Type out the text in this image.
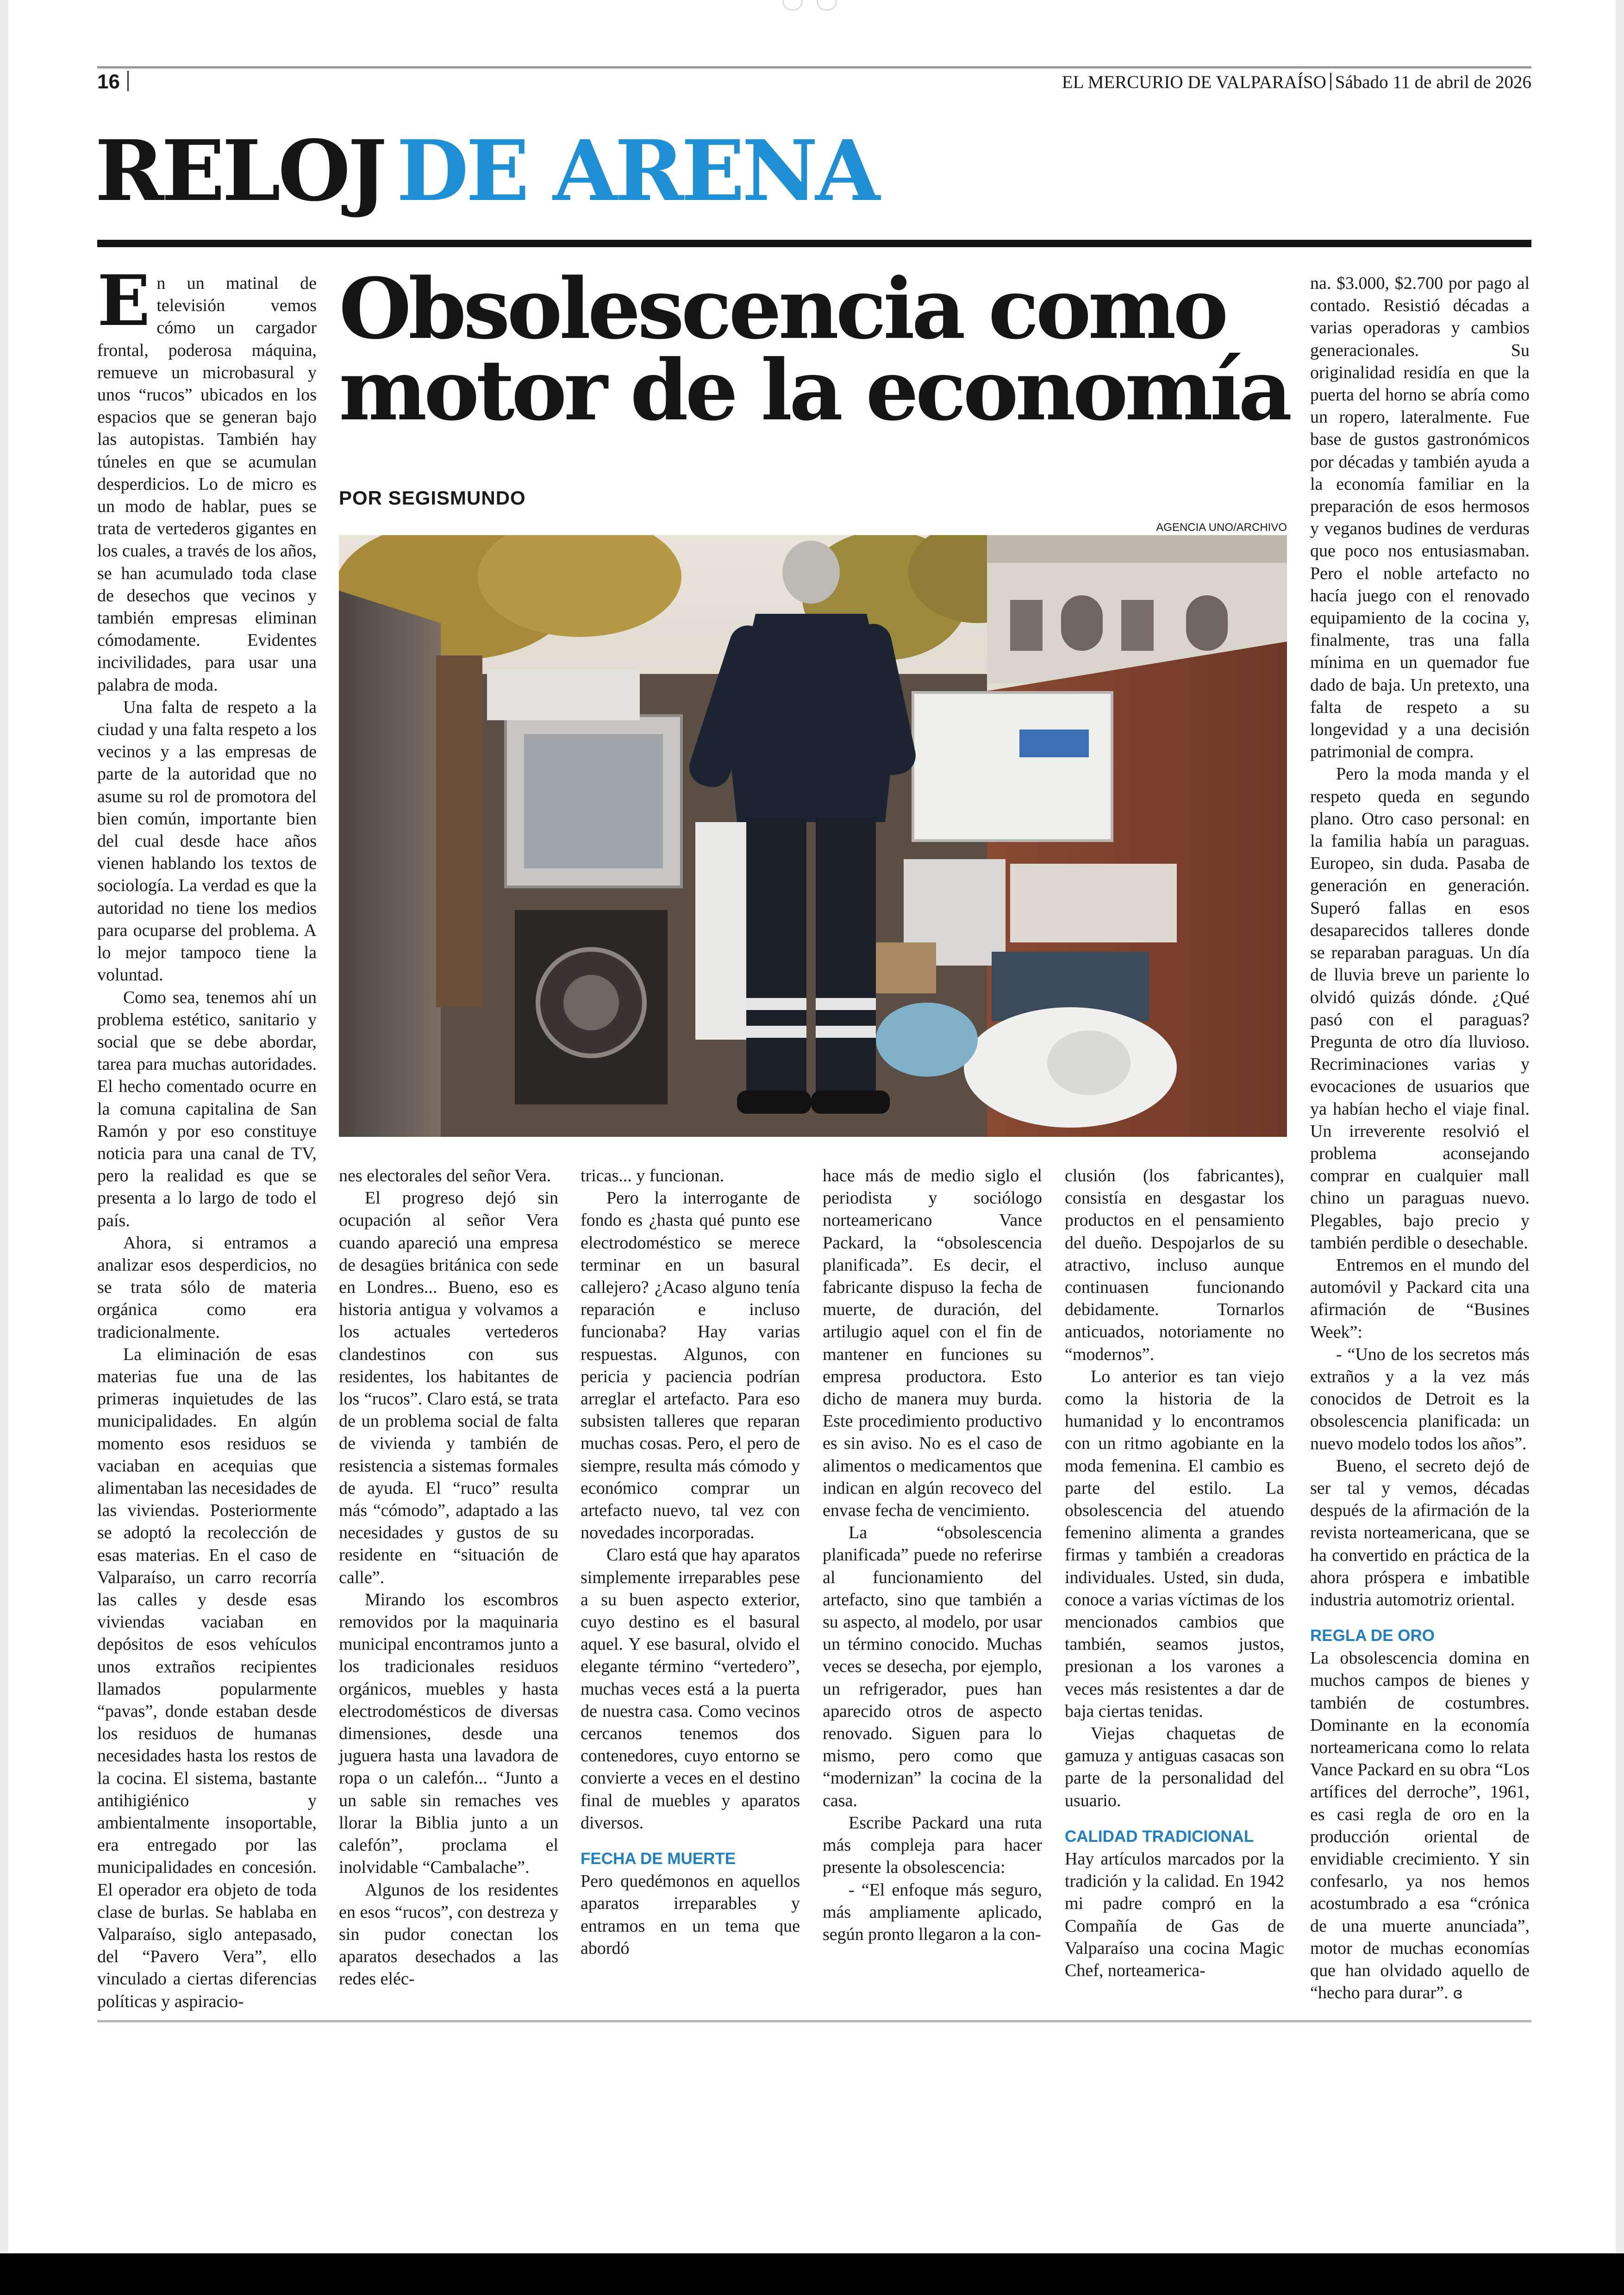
16	EL MERCURIO DE VALPARAÍSO Sábado 11 de abril de 2026
RELOJ DE ARENA
Obsolescencia como motor de la economía
POR SEGISMUNDO
AGENCIA UNO/ARCHIVO

En un matinal de televisión vemos cómo un cargador frontal, poderosa máquina, remueve un microbasural y unos “rucos” ubicados en los espacios que se generan bajo las autopistas. También hay túneles en que se acumulan desperdicios. Lo de micro es un modo de hablar, pues se trata de vertederos gigantes en los cuales, a través de los años, se han acumulado toda clase de desechos que vecinos y también empresas eliminan cómodamente. Evidentes incivilidades, para usar una palabra de moda.

Una falta de respeto a la ciudad y una falta respeto a los vecinos y a las empresas de parte de la autoridad que no asume su rol de promotora del bien común, importante bien del cual desde hace años vienen hablando los textos de sociología. La verdad es que la autoridad no tiene los medios para ocuparse del problema. A lo mejor tampoco tiene la voluntad.

Como sea, tenemos ahí un problema estético, sanitario y social que se debe abordar, tarea para muchas autoridades. El hecho comentado ocurre en la comuna capitalina de San Ramón y por eso constituye noticia para una canal de TV, pero la realidad es que se presenta a lo largo de todo el país.

Ahora, si entramos a analizar esos desperdicios, no se trata sólo de materia orgánica como era tradicionalmente.

La eliminación de esas materias fue una de las primeras inquietudes de las municipalidades. En algún momento esos residuos se vaciaban en acequias que alimentaban las necesidades de las viviendas. Posteriormente se adoptó la recolección de esas materias. En el caso de Valparaíso, un carro recorría las calles y desde esas viviendas vaciaban en depósitos de esos vehículos unos extraños recipientes llamados popularmente “pavas”, donde estaban desde los residuos de humanas necesidades hasta los restos de la cocina. El sistema, bastante antihigiénico y ambientalmente insoportable, era entregado por las municipalidades en concesión. El operador era objeto de toda clase de burlas. Se hablaba en Valparaíso, siglo antepasado, del “Pavero Vera”, ello vinculado a ciertas diferencias políticas y aspiracio-

nes electorales del señor Vera.

El progreso dejó sin ocupación al señor Vera cuando apareció una empresa de desagües británica con sede en Londres... Bueno, eso es historia antigua y volvamos a los actuales vertederos clandestinos con sus residentes, los habitantes de los “rucos”. Claro está, se trata de un problema social de falta de vivienda y también de resistencia a sistemas formales de ayuda. El “ruco” resulta más “cómodo”, adaptado a las necesidades y gustos de su residente en “situación de calle”.

Mirando los escombros removidos por la maquinaria municipal encontramos junto a los tradicionales residuos orgánicos, muebles y hasta electrodomésticos de diversas dimensiones, desde una juguera hasta una lavadora de ropa o un calefón... “Junto a un sable sin remaches ves llorar la Biblia junto a un calefón”, proclama el inolvidable “Cambalache”.

Algunos de los residentes en esos “rucos”, con destreza y sin pudor conectan los aparatos desechados a las redes eléc-

tricas... y funcionan.

Pero la interrogante de fondo es ¿hasta qué punto ese electrodoméstico se merece terminar en un basural callejero? ¿Acaso alguno tenía reparación e incluso funcionaba? Hay varias respuestas. Algunos, con pericia y paciencia podrían arreglar el artefacto. Para eso subsisten talleres que reparan muchas cosas. Pero, el pero de siempre, resulta más cómodo y económico comprar un artefacto nuevo, tal vez con novedades incorporadas.

Claro está que hay aparatos simplemente irreparables pese a su buen aspecto exterior, cuyo destino es el basural aquel. Y ese basural, olvido el elegante término “vertedero”, muchas veces está a la puerta de nuestra casa. Como vecinos cercanos tenemos dos contenedores, cuyo entorno se convierte a veces en el destino final de muebles y aparatos diversos.

FECHA DE MUERTE

Pero quedémonos en aquellos aparatos irreparables y entramos en un tema que abordó

hace más de medio siglo el periodista y sociólogo norteamericano Vance Packard, la “obsolescencia planificada”. Es decir, el fabricante dispuso la fecha de muerte, de duración, del artilugio aquel con el fin de mantener en funciones su empresa productora. Esto dicho de manera muy burda. Este procedimiento productivo es sin aviso. No es el caso de alimentos o medicamentos que indican en algún recoveco del envase fecha de vencimiento.

La “obsolescencia planificada” puede no referirse al funcionamiento del artefacto, sino que también a su aspecto, al modelo, por usar un término conocido. Muchas veces se desecha, por ejemplo, un refrigerador, pues han aparecido otros de aspecto renovado. Siguen para lo mismo, pero como que “modernizan” la cocina de la casa.

Escribe Packard una ruta más compleja para hacer presente la obsolescencia:

- “El enfoque más seguro, más ampliamente aplicado, según pronto llegaron a la con-

clusión (los fabricantes), consistía en desgastar los productos en el pensamiento del dueño. Despojarlos de su atractivo, incluso aunque continuasen funcionando debidamente. Tornarlos anticuados, notoriamente no “modernos”.

Lo anterior es tan viejo como la historia de la humanidad y lo encontramos con un ritmo agobiante en la moda femenina. El cambio es parte del estilo. La obsolescencia del atuendo femenino alimenta a grandes firmas y también a creadoras individuales. Usted, sin duda, conoce a varias víctimas de los mencionados cambios que también, seamos justos, presionan a los varones a veces más resistentes a dar de baja ciertas tenidas.

Viejas chaquetas de gamuza y antiguas casacas son parte de la personalidad del usuario.

CALIDAD TRADICIONAL

Hay artículos marcados por la tradición y la calidad. En 1942 mi padre compró en la Compañía de Gas de Valparaíso una cocina Magic Chef, norteamerica-

na. $3.000, $2.700 por pago al contado. Resistió décadas a varias operadoras y cambios generacionales. Su originalidad residía en que la puerta del horno se abría como un ropero, lateralmente. Fue base de gustos gastronómicos por décadas y también ayuda a la economía familiar en la preparación de esos hermosos y veganos budines de verduras que poco nos entusiasmaban. Pero el noble artefacto no hacía juego con el renovado equipamiento de la cocina y, finalmente, tras una falla mínima en un quemador fue dado de baja. Un pretexto, una falta de respeto a su longevidad y a una decisión patrimonial de compra.

Pero la moda manda y el respeto queda en segundo plano. Otro caso personal: en la familia había un paraguas. Europeo, sin duda. Pasaba de generación en generación. Superó fallas en esos desaparecidos talleres donde se reparaban paraguas. Un día de lluvia breve un pariente lo olvidó quizás dónde. ¿Qué pasó con el paraguas? Pregunta de otro día lluvioso. Recriminaciones varias y evocaciones de usuarios que ya habían hecho el viaje final. Un irreverente resolvió el problema aconsejando comprar en cualquier mall chino un paraguas nuevo. Plegables, bajo precio y también perdible o desechable.

Entremos en el mundo del automóvil y Packard cita una afirmación de “Busines Week”:

- “Uno de los secretos más extraños y a la vez más conocidos de Detroit es la obsolescencia planificada: un nuevo modelo todos los años”.

Bueno, el secreto dejó de ser tal y vemos, décadas después de la afirmación de la revista norteamericana, que se ha convertido en práctica de la ahora próspera e imbatible industria automotriz oriental.

REGLA DE ORO

La obsolescencia domina en muchos campos de bienes y también de costumbres. Dominante en la economía norteamericana como lo relata Vance Packard en su obra “Los artífices del derroche”, 1961, es casi regla de oro en la producción oriental de envidiable crecimiento. Y sin confesarlo, ya nos hemos acostumbrado a esa “crónica de una muerte anunciada”, motor de muchas economías que han olvidado aquello de “hecho para durar”. ɞ
